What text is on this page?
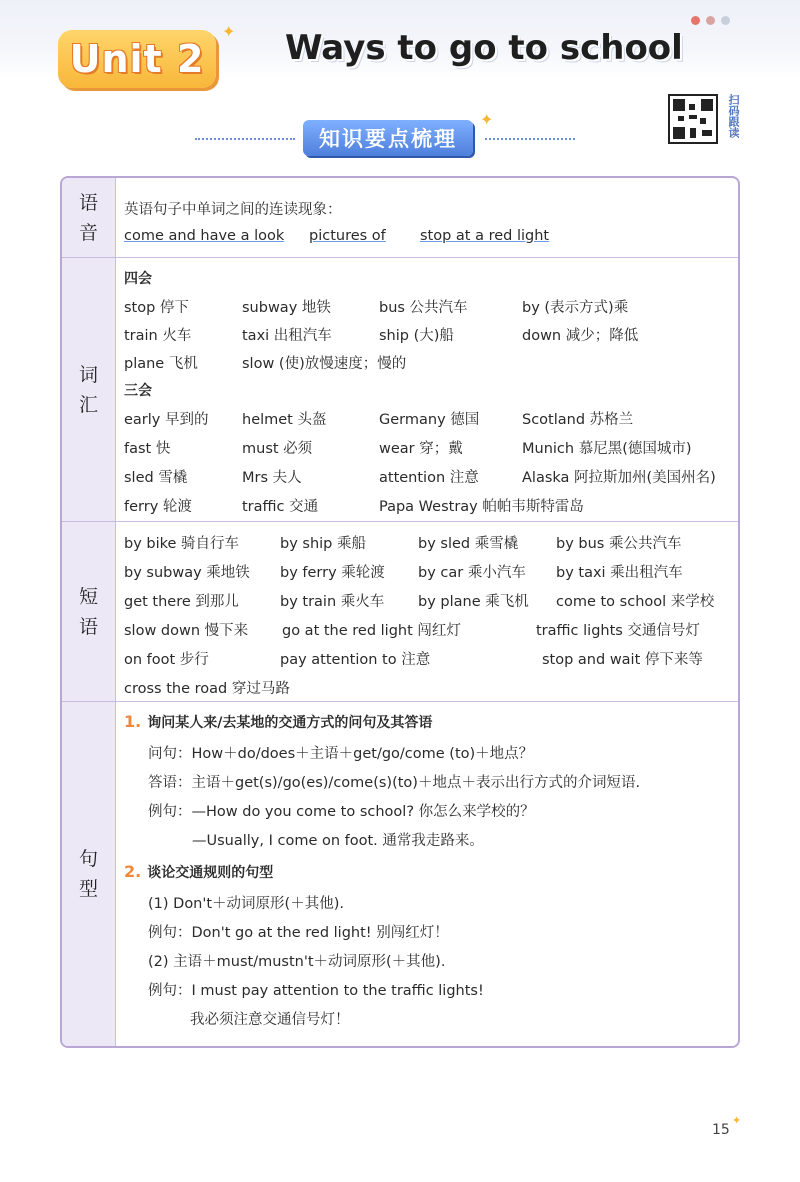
Unit 2
✦ Ways to go to school
扫码跟读
知识要点梳理
✦
语
音
英语句子中单词之间的连读现象：
come and have a look pictures of stop at a red light
词
汇
四会
stop 停下	subway 地铁	bus 公共汽车	by (表示方式)乘
train 火车	taxi 出租汽车	ship (大)船	down 减少；降低
plane 飞机	slow (使)放慢速度；慢的
三会
early 早到的 helmet 头盔	Germany 德国	Scotland 苏格兰
fast 快	must 必须	wear 穿；戴	Munich 慕尼黑(德国城市)
sled 雪橇	Mrs 夫人	attention 注意	Alaska 阿拉斯加州(美国州名)
ferry 轮渡	traffic 交通	Papa Westray 帕帕韦斯特雷岛
短
语
by bike 骑自行车	by ship 乘船	by sled 乘雪橇	by bus 乘公共汽车
by subway 乘地铁 by ferry 乘轮渡 by car 乘小汽车 by taxi 乘出租汽车
get there 到那儿	by train 乘火车 by plane 乘飞机 come to school 来学校
slow down 慢下来 go at the red light 闯红灯	traffic lights 交通信号灯
on foot 步行	pay attention to 注意	stop and wait 停下来等
cross the road 穿过马路
句
型
1. 询问某人来/去某地的交通方式的问句及其答语
问句：How＋do/does＋主语＋get/go/come (to)＋地点？
答语：主语＋get(s)/go(es)/come(s)(to)＋地点＋表示出行方式的介词短语.
例句：—How do you come to school? 你怎么来学校的？
—Usually, I come on foot. 通常我走路来。
2. 谈论交通规则的句型
(1) Don't＋动词原形(＋其他).
例句：Don't go at the red light! 别闯红灯！
(2) 主语＋must/mustn't＋动词原形(＋其他).
例句：I must pay attention to the traffic lights!
我必须注意交通信号灯！
15
✦
